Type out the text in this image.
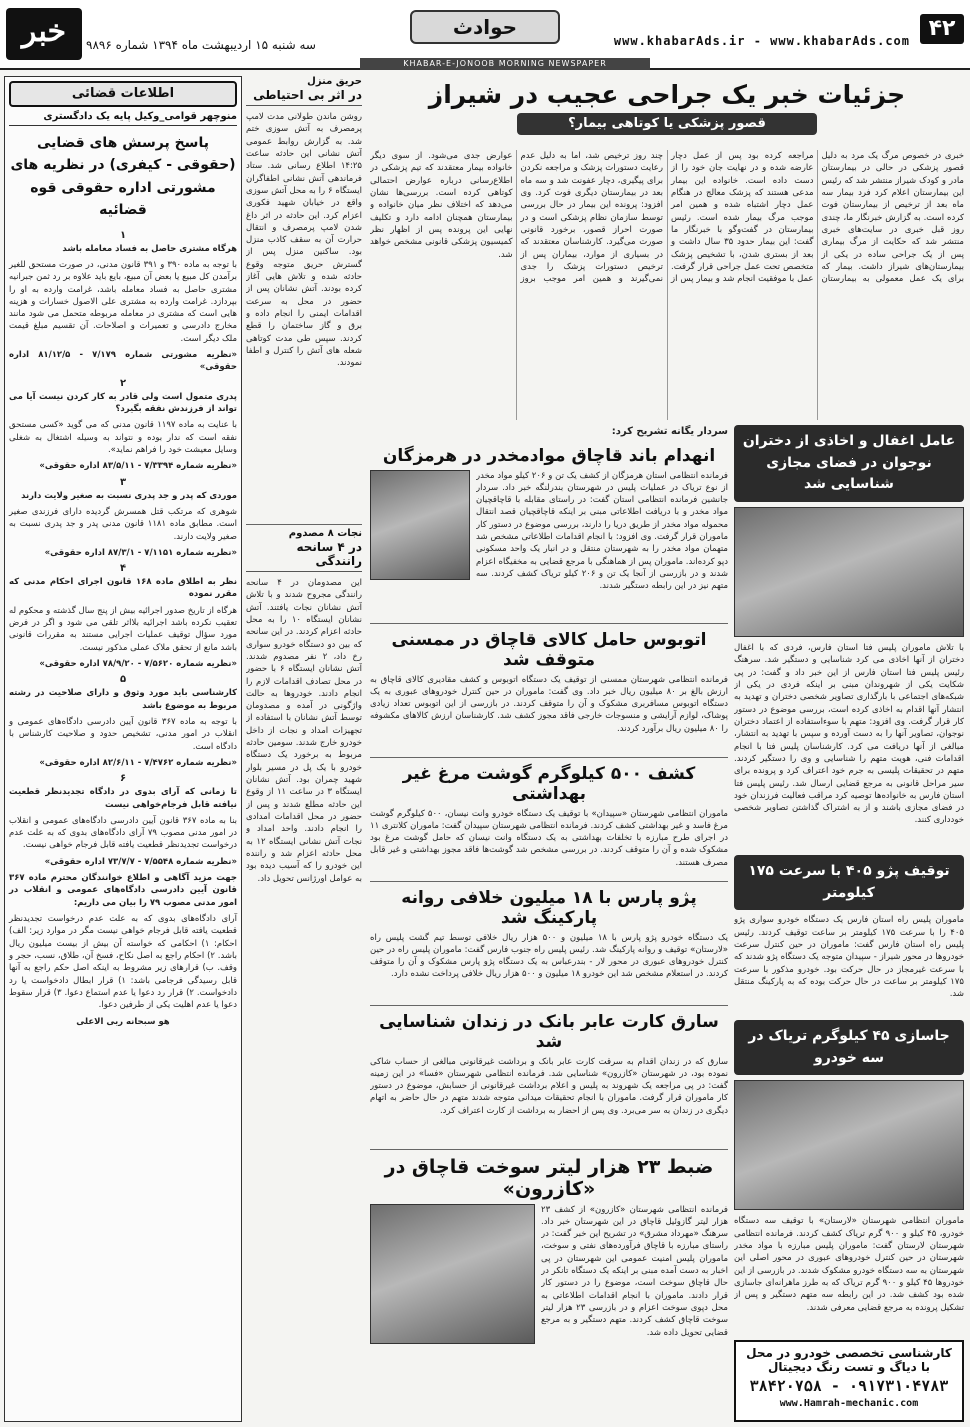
۴۲
www.khabarAds.ir - www.khabarAds.com
حوادث
سه شنبه ۱۵ اردیبهشت ماه ۱۳۹۴ شماره ۹۸۹۶
خبر
KHABAR-E-JONOOB MORNING NEWSPAPER
اطلاعات قضائی
منوچهر قوامی_وکیل پایه یک دادگستری
پاسخ پرسش های قضایی (حقوقی - کیفری) در نظریه های مشورتی اداره حقوقی قوه قضائیه
۱

هرگاه مشتری حاصل به فساد معامله باشد

با توجه به ماده ۳۹۰ و ۳۹۱ قانون مدنی، در صورت مستحق للغیر برآمدن کل مبیع یا بعض آن مبیع، بایع باید علاوه بر رد ثمن جبرانیه مشتری حاصل به فساد معامله باشد، غرامت وارده به او را بپردازد. غرامت وارده به مشتری علی الاصول خسارات و هزینه هایی است که مشتری در معامله مربوطه متحمل می شود مانند مخارج دادرسی و تعمیرات و اصلاحات. آن تقسیم مبلغ قیمت ملک دیگر است.

«نظریه مشورتی شماره ۷/۱۷۹ - ۸۱/۱۲/۵ اداره حقوقی»

۲

پدری متمول است ولی قادر به کار کردن نیست آیا می تواند از فرزندش نفقه بگیرد؟

با عنایت به ماده ۱۱۹۷ قانون مدنی که می گوید «کسی مستحق نفقه است که ندار بوده و نتواند به وسیله اشتغال به شغلی وسایل معیشت خود را فراهم نماید».

«نظریه شماره ۷/۳۳۹۴ - ۸۳/۵/۱۱ اداره حقوقی»

۳

موردی که پدر و جد پدری نسبت به صغیر ولایت دارند

شوهری که مرتکب قتل همسرش گردیده دارای فرزندی صغیر است. مطابق ماده ۱۱۸۱ قانون مدنی پدر و جد پدری نسبت به صغیر ولایت دارند.

«نظریه شماره ۷/۱۱۵۱ - ۸۷/۳/۱ اداره حقوقی»

۴

نظر به اطلاق ماده ۱۶۸ قانون اجرای احکام مدنی که مقرر نموده

هرگاه از تاریخ صدور اجرائیه بیش از پنج سال گذشته و محکوم له تعقیب نکرده باشد اجرائیه بلااثر تلقی می شود و اگر در فرض مورد سؤال توقیف عملیات اجرایی مستند به مقررات قانونی باشد مانع از تحقق ملاک عملی مذکور نیست.

«نظریه شماره ۷/۵۶۲۰ - ۷۸/۹/۲۰ اداره حقوقی»

۵

کارشناسی باید مورد وثوق و دارای صلاحیت در رشته مربوط به موضوع باشد

با توجه به ماده ۳۶۷ قانون آیین دادرسی دادگاه‌های عمومی و انقلاب در امور مدنی، تشخیص حدود و صلاحیت کارشناس با دادگاه است.

«نظریه شماره ۷/۴۷۶۲ - ۸۲/۶/۱۱ اداره حقوقی»

۶

تا زمانی که آرای بدوی در دادگاه تجدیدنظر قطعیت نیافته قابل فرجام‌خواهی نیست

بنا به ماده ۳۶۷ قانون آیین دادرسی دادگاه‌های عمومی و انقلاب در امور مدنی مصوب ۷۹ آرای دادگاه‌های بدوی که به علت عدم درخواست تجدیدنظر قطعیت یافته قابل فرجام خواهی نیست.

«نظریه شماره ۷/۵۵۴۸ - ۷۳/۷/۷ اداره حقوقی»

جهت مزید آگاهی و اطلاع خوانندگان محترم ماده ۳۶۷ قانون آیین دادرسی دادگاه‌های عمومی و انقلاب در امور مدنی مصوب ۷۹ را بیان می داریم:

آرای دادگاه‌های بدوی که به علت عدم درخواست تجدیدنظر قطعیت یافته قابل فرجام خواهی نیست مگر در موارد زیر: الف) احکام: ۱) احکامی که خواسته آن بیش از بیست میلیون ریال باشد. ۲) احکام راجع به اصل نکاح، فسخ آن، طلاق، نسب، حجر و وقف. ب) قرارهای زیر مشروط به اینکه اصل حکم راجع به آنها قابل رسیدگی فرجامی باشد: ۱) قرار ابطال دادخواست یا رد دادخواست. ۲) قرار رد دعوا یا عدم استماع دعوا. ۳) قرار سقوط دعوا یا عدم اهلیت یکی از طرفین دعوا.

هو سبحانه ربی الاعلی

حریق منزل
در اثر بی احتیاطی
روشن ماندن طولانی مدت لامپ پرمصرف به آتش سوزی ختم شد. به گزارش روابط عمومی آتش نشانی این حادثه ساعت ۱۴:۲۵ اطلاع رسانی شد. ستاد فرماندهی آتش نشانی اطفاگران ایستگاه ۶ را به محل آتش سوزی واقع در خیابان شهید فکوری اعزام کرد. این حادثه در اثر داغ شدن لامپ پرمصرف و انتقال حرارت آن به سقف کاذب منزل بود. ساکنین منزل پس از گسترش حریق متوجه وقوع حادثه شده و تلاش هایی آغاز کرده بودند. آتش نشانان پس از حضور در محل به سرعت اقدامات ایمنی را انجام داده و برق و گاز ساختمان را قطع کردند. سپس طی مدت کوتاهی شعله های آتش را کنترل و اطفا نمودند.
نجات ۸ مصدوم
در ۴ سانحه رانندگی
این مصدومان در ۴ سانحه رانندگی مجروح شدند و با تلاش آتش نشانان نجات یافتند. آتش نشانان ایستگاه ۱۰ را به محل حادثه اعزام کردند. در این سانحه که بین دو دستگاه خودرو سواری رخ داد، ۲ نفر مصدوم شدند. آتش نشانان ایستگاه ۶ با حضور در محل تصادف اقدامات لازم را انجام دادند. خودروها به حالت واژگونی در آمده و مصدومان توسط آتش نشانان با استفاده از تجهیزات امداد و نجات از داخل خودرو خارج شدند. سومین حادثه مربوط به برخورد یک دستگاه خودرو با یک پل در مسیر بلوار شهید چمران بود. آتش نشانان ایستگاه ۳ در ساعت ۱۱ از وقوع این حادثه مطلع شدند و پس از حضور در محل اقدامات امدادی را انجام دادند. واحد امداد و نجات آتش نشانی ایستگاه ۱۲ به محل حادثه اعزام شد و راننده این خودرو را که آسیب دیده بود به عوامل اورژانس تحویل داد.
جزئیات خبر یک جراحی عجیب در شیراز
قصور پزشکی یا کوتاهی بیمار؟
خبری در خصوص مرگ یک مرد به دلیل قصور پزشکی در حالی در بیمارستان مادر و کودک شیراز منتشر شد که رئیس این بیمارستان اعلام کرد فرد بیمار سه ماه بعد از ترخیص از بیمارستان فوت کرده است. به گزارش خبرنگار ما، چندی روز قبل خبری در سایت‌های خبری منتشر شد که حکایت از مرگ بیماری پس از یک جراحی ساده در یکی از بیمارستان‌های شیراز داشت. بیمار که برای یک عمل معمولی به بیمارستان مراجعه کرده بود پس از عمل دچار عارضه شده و در نهایت جان خود را از دست داده است. خانواده این بیمار مدعی هستند که پزشک معالج در هنگام عمل دچار اشتباه شده و همین امر موجب مرگ بیمار شده است. رئیس بیمارستان در گفت‌وگو با خبرنگار ما گفت: این بیمار حدود ۳۵ سال داشت و بعد از بستری شدن، با تشخیص پزشک متخصص تحت عمل جراحی قرار گرفت. عمل با موفقیت انجام شد و بیمار پس از چند روز ترخیص شد، اما به دلیل عدم رعایت دستورات پزشک و مراجعه نکردن برای پیگیری، دچار عفونت شد و سه ماه بعد در بیمارستان دیگری فوت کرد. وی افزود: پرونده این بیمار در حال بررسی توسط سازمان نظام پزشکی است و در صورت احراز قصور، برخورد قانونی صورت می‌گیرد. کارشناسان معتقدند که در بسیاری از موارد، بیماران پس از ترخیص دستورات پزشک را جدی نمی‌گیرند و همین امر موجب بروز عوارض جدی می‌شود. از سوی دیگر خانواده بیمار معتقدند که تیم پزشکی در اطلاع‌رسانی درباره عوارض احتمالی کوتاهی کرده است. بررسی‌ها نشان می‌دهد که اختلاف نظر میان خانواده و بیمارستان همچنان ادامه دارد و تکلیف نهایی این پرونده پس از اظهار نظر کمیسیون پزشکی قانونی مشخص خواهد شد.
عامل اغفال و اخاذی از دختران نوجوان در فضای مجازی شناسایی شد
با تلاش ماموران پلیس فتا استان فارس، فردی که با اغفال دختران از آنها اخاذی می کرد شناسایی و دستگیر شد. سرهنگ رئیس پلیس فتا استان فارس از این خبر داد و گفت: در پی شکایت یکی از شهروندان مبنی بر اینکه فردی در یکی از شبکه‌های اجتماعی با بارگذاری تصاویر شخصی دختران و تهدید به انتشار آنها اقدام به اخاذی کرده است، بررسی موضوع در دستور کار قرار گرفت. وی افزود: متهم با سوءاستفاده از اعتماد دختران نوجوان، تصاویر آنها را به دست آورده و سپس با تهدید به انتشار، مبالغی از آنها دریافت می کرد. کارشناسان پلیس فتا با انجام اقدامات فنی، هویت متهم را شناسایی و وی را دستگیر کردند. متهم در تحقیقات پلیسی به جرم خود اعتراف کرد و پرونده برای سیر مراحل قانونی به مرجع قضایی ارسال شد. رئیس پلیس فتا استان فارس به خانواده‌ها توصیه کرد مراقب فعالیت فرزندان خود در فضای مجازی باشند و از به اشتراک گذاشتن تصاویر شخصی خودداری کنند.
توقیف پژو ۴۰۵ با سرعت ۱۷۵ کیلومتر
ماموران پلیس راه استان فارس یک دستگاه خودرو سواری پژو ۴۰۵ را با سرعت ۱۷۵ کیلومتر بر ساعت توقیف کردند. رئیس پلیس راه استان فارس گفت: ماموران در حین کنترل سرعت خودروها در محور شیراز - سپیدان متوجه یک دستگاه پژو شدند که با سرعت غیرمجاز در حال حرکت بود. خودرو مذکور با سرعت ۱۷۵ کیلومتر بر ساعت در حال حرکت بوده که به پارکینگ منتقل شد.
جاسازی ۴۵ کیلوگرم تریاک در سه خودرو
ماموران انتظامی شهرستان «لارستان» با توقیف سه دستگاه خودرو، ۴۵ کیلو و ۹۰۰ گرم تریاک کشف کردند. فرمانده انتظامی شهرستان لارستان گفت: ماموران پلیس مبارزه با مواد مخدر شهرستان در حین کنترل خودروهای عبوری در محور اصلی این شهرستان به سه دستگاه خودرو مشکوک شدند. در بازرسی از این خودروها ۴۵ کیلو و ۹۰۰ گرم تریاک که به طرز ماهرانه‌ای جاسازی شده بود کشف شد. در این رابطه سه متهم دستگیر و پس از تشکیل پرونده به مرجع قضایی معرفی شدند.
سردار یگانه تشریح کرد:
انهدام باند قاچاق موادمخدر در هرمزگان
فرمانده انتظامی استان هرمزگان از کشف یک تن و ۲۰۶ کیلو مواد مخدر از نوع تریاک در عملیات پلیس در شهرستان بندرلنگه خبر داد. سردار جانشین فرمانده انتظامی استان گفت: در راستای مقابله با قاچاقچیان مواد مخدر و با دریافت اطلاعاتی مبنی بر اینکه قاچاقچیان قصد انتقال محموله مواد مخدر از طریق دریا را دارند، بررسی موضوع در دستور کار ماموران قرار گرفت. وی افزود: با انجام اقدامات اطلاعاتی مشخص شد متهمان مواد مخدر را به شهرستان منتقل و در انبار یک واحد مسکونی دپو کرده‌اند. ماموران پس از هماهنگی با مرجع قضایی به مخفیگاه اعزام شدند و در بازرسی از آنجا یک تن و ۲۰۶ کیلو تریاک کشف کردند. سه متهم نیز در این رابطه دستگیر شدند.
اتوبوس حامل کالای قاچاق در ممسنی متوقف شد
فرمانده انتظامی شهرستان ممسنی از توقیف یک دستگاه اتوبوس و کشف مقادیری کالای قاچاق به ارزش بالغ بر ۸۰ میلیون ریال خبر داد. وی گفت: ماموران در حین کنترل خودروهای عبوری به یک دستگاه اتوبوس مسافربری مشکوک و آن را متوقف کردند. در بازرسی از این اتوبوس تعداد زیادی پوشاک، لوازم آرایشی و منسوجات خارجی فاقد مجوز کشف شد. کارشناسان ارزش کالاهای مکشوفه را ۸۰ میلیون ریال برآورد کردند.
کشف ۵۰۰ کیلوگرم گوشت مرغ غیر بهداشتی
ماموران انتظامی شهرستان «سپیدان» با توقیف یک دستگاه خودرو وانت نیسان، ۵۰۰ کیلوگرم گوشت مرغ فاسد و غیر بهداشتی کشف کردند. فرمانده انتظامی شهرستان سپیدان گفت: ماموران کلانتری ۱۱ در اجرای طرح مبارزه با تخلفات بهداشتی به یک دستگاه وانت نیسان که حامل گوشت مرغ بود مشکوک شده و آن را متوقف کردند. در بررسی مشخص شد گوشت‌ها فاقد مجوز بهداشتی و غیر قابل مصرف هستند.
پژو پارس با ۱۸ میلیون خلافی روانه پارکینگ شد
یک دستگاه خودرو پژو پارس با ۱۸ میلیون و ۵۰۰ هزار ریال خلافی توسط تیم گشت پلیس راه «لارستان» توقیف و روانه پارکینگ شد. رئیس پلیس راه جنوب فارس گفت: ماموران پلیس راه در حین کنترل خودروهای عبوری در محور لار - بندرعباس به یک دستگاه پژو پارس مشکوک و آن را متوقف کردند. در استعلام مشخص شد این خودرو ۱۸ میلیون و ۵۰۰ هزار ریال خلافی پرداخت نشده دارد.
سارق کارت عابر بانک در زندان شناسایی شد
سارق که در زندان اقدام به سرقت کارت عابر بانک و برداشت غیرقانونی مبالغی از حساب شاکی نموده بود، در شهرستان «کازرون» شناسایی شد. فرمانده انتظامی شهرستان «فسا» در این زمینه گفت: در پی مراجعه یک شهروند به پلیس و اعلام برداشت غیرقانونی از حسابش، موضوع در دستور کار ماموران قرار گرفت. ماموران با انجام تحقیقات میدانی متوجه شدند متهم در حال حاضر به اتهام دیگری در زندان به سر می‌برد. وی پس از احضار به برداشت از کارت اعتراف کرد.
ضبط ۲۳ هزار لیتر سوخت قاچاق در «کازرون»
فرمانده انتظامی شهرستان «کازرون» از کشف ۲۳ هزار لیتر گازوئیل قاچاق در این شهرستان خبر داد. سرهنگ «مهرداد مشرق» در تشریح این خبر گفت: در راستای مبارزه با قاچاق فرآورده‌های نفتی و سوخت، ماموران پلیس امنیت عمومی این شهرستان در پی اخبار به دست آمده مبنی بر اینکه یک دستگاه تانکر در حال قاچاق سوخت است، موضوع را در دستور کار قرار دادند. ماموران با انجام اقدامات اطلاعاتی به محل دپوی سوخت اعزام و در بازرسی ۲۳ هزار لیتر سوخت قاچاق کشف کردند. متهم دستگیر و به مرجع قضایی تحویل داده شد.
کارشناسی تخصصی خودرو در محل با دیاگ و تست رنگ دیجیتال
۰۹۱۷۳۱۰۴۷۸۳ - ۳۸۴۲۰۷۵۸
www.Hamrah-mechanic.com
